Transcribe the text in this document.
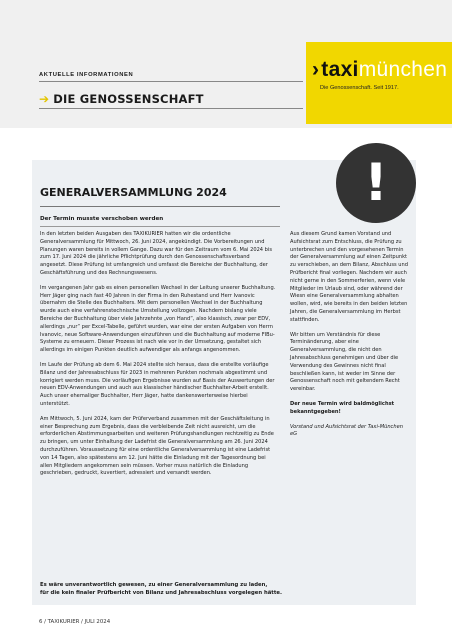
›taximünchen
Die Genossenschaft. Seit 1917.
AKTUELLE INFORMATIONEN
➔ DIE GENOSSENSCHAFT
!
GENERALVERSAMMLUNG 2024
Der Termin musste verschoben werden

In den letzten beiden Ausgaben des TAXIKURIER hatten wir die ordentliche Generalversammlung für Mittwoch, 26. Juni 2024, angekündigt. Die Vorbereitungen und Planungen waren bereits in vollem Gange. Dazu war für den Zeitraum vom 6. Mai 2024 bis zum 17. Juni 2024 die jährliche Pflichtprüfung durch den Genossenschaftsverband angesetzt. Diese Prüfung ist umfangreich und umfasst die Bereiche der Buchhaltung, der Geschäftsführung und des Rechnungswesens.

Im vergangenen Jahr gab es einen personellen Wechsel in der Leitung unserer Buchhaltung. Herr Jäger ging nach fast 40 Jahren in der Firma in den Ruhestand und Herr Ivanovic übernahm die Stelle des Buchhalters. Mit dem personellen Wechsel in der Buchhaltung wurde auch eine verfahrenstechnische Umstellung vollzogen. Nachdem bislang viele Bereiche der Buchhaltung über viele Jahrzehnte „von Hand“, also klassisch, zwar per EDV, allerdings „nur“ per Excel-Tabelle, geführt wurden, war eine der ersten Aufgaben von Herrn Ivanovic, neue Software-Anwendungen einzuführen und die Buchhaltung auf moderne FIBu-Systeme zu erneuern. Dieser Prozess ist nach wie vor in der Umsetzung, gestaltet sich allerdings im einigen Punkten deutlich aufwendiger als anfangs angenommen.

Im Laufe der Prüfung ab dem 6. Mai 2024 stellte sich heraus, dass die erstellte vorläufige Bilanz und der Jahresabschluss für 2023 in mehreren Punkten nochmals abgestimmt und korrigiert werden muss. Die vorläufigen Ergebnisse wurden auf Basis der Auswertungen der neuen EDV-Anwendungen und auch aus klassischer händischer Buchhalter-Arbeit erstellt. Auch unser ehemaliger Buchhalter, Herr Jäger, hatte dankenswerterweise hierbei unterstützt.

Am Mittwoch, 5. Juni 2024, kam der Prüferverband zusammen mit der Geschäftsleitung in einer Besprechung zum Ergebnis, dass die verbleibende Zeit nicht ausreicht, um die erforderlichen Abstimmungsarbeiten und weiteren Prüfungshandlungen rechtzeitig zu Ende zu bringen, um unter Einhaltung der Ladefrist die Generalversammlung am 26. Juni 2024 durchzuführen. Voraussetzung für eine ordentliche Generalversammlung ist eine Ladefrist von 14 Tagen, also spätestens am 12. Juni hätte die Einladung mit der Tagesordnung bei allen Mitgliedern angekommen sein müssen. Vorher muss natürlich die Einladung geschrieben, gedruckt, kuvertiert, adressiert und versandt werden.

Aus diesem Grund kamen Vorstand und Aufsichtsrat zum Entschluss, die Prüfung zu unterbrechen und den vorgesehenen Termin der Generalversammlung auf einen Zeitpunkt zu verschieben, an dem Bilanz, Abschluss und Prüfbericht final vorliegen. Nachdem wir auch nicht gerne in den Sommerferien, wenn viele Mitglieder im Urlaub sind, oder während der Wiesn eine Generalversammlung abhalten wollen, wird, wie bereits in den beiden letzten Jahren, die Generalversammlung im Herbst stattfinden.

Wir bitten um Verständnis für diese Terminänderung, aber eine Generalversammlung, die nicht den Jahresabschluss genehmigen und über die Verwendung des Gewinnes nicht final beschließen kann, ist weder im Sinne der Genossenschaft noch mit geltendem Recht vereinbar.

Der neue Termin wird baldmöglichst bekanntgegeben!

Vorstand und Aufsichtsrat der Taxi-München eG

Es wäre unverantwortlich gewesen, zu einer Generalversammlung zu laden,
für die kein finaler Prüfbericht von Bilanz und Jahresabschluss vorgelegen hätte.
6 / TAXIKURIER / JULI 2024
